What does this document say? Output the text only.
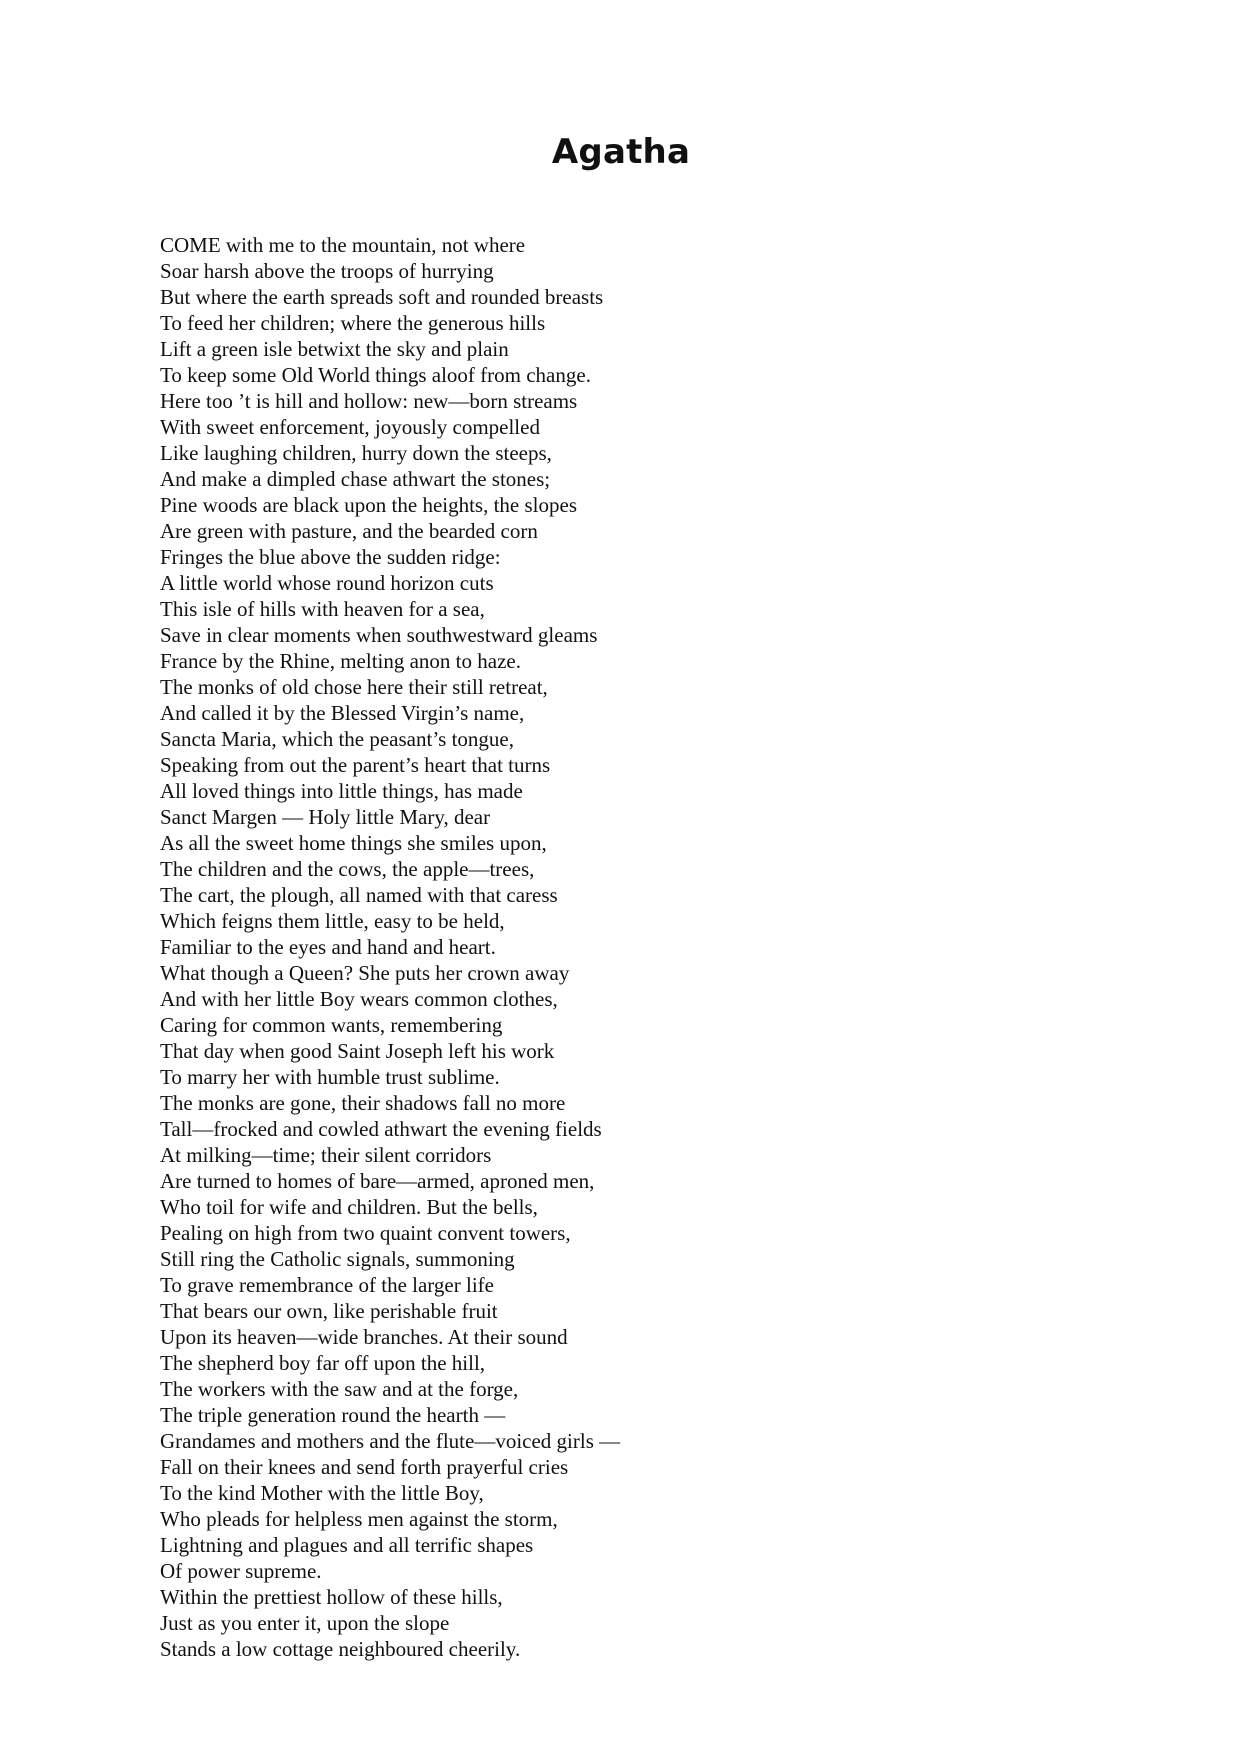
Agatha
COME with me to the mountain, not where
Soar harsh above the troops of hurrying
But where the earth spreads soft and rounded breasts
To feed her children; where the generous hills
Lift a green isle betwixt the sky and plain
To keep some Old World things aloof from change.
Here too ’t is hill and hollow: new—born streams
With sweet enforcement, joyously compelled
Like laughing children, hurry down the steeps,
And make a dimpled chase athwart the stones;
Pine woods are black upon the heights, the slopes
Are green with pasture, and the bearded corn
Fringes the blue above the sudden ridge:
A little world whose round horizon cuts
This isle of hills with heaven for a sea,
Save in clear moments when southwestward gleams
France by the Rhine, melting anon to haze.
The monks of old chose here their still retreat,
And called it by the Blessed Virgin’s name,
Sancta Maria, which the peasant’s tongue,
Speaking from out the parent’s heart that turns
All loved things into little things, has made
Sanct Margen — Holy little Mary, dear
As all the sweet home things she smiles upon,
The children and the cows, the apple—trees,
The cart, the plough, all named with that caress
Which feigns them little, easy to be held,
Familiar to the eyes and hand and heart.
What though a Queen? She puts her crown away
And with her little Boy wears common clothes,
Caring for common wants, remembering
That day when good Saint Joseph left his work
To marry her with humble trust sublime.
The monks are gone, their shadows fall no more
Tall—frocked and cowled athwart the evening fields
At milking—time; their silent corridors
Are turned to homes of bare—armed, aproned men,
Who toil for wife and children. But the bells,
Pealing on high from two quaint convent towers,
Still ring the Catholic signals, summoning
To grave remembrance of the larger life
That bears our own, like perishable fruit
Upon its heaven—wide branches. At their sound
The shepherd boy far off upon the hill,
The workers with the saw and at the forge,
The triple generation round the hearth —
Grandames and mothers and the flute—voiced girls —
Fall on their knees and send forth prayerful cries
To the kind Mother with the little Boy,
Who pleads for helpless men against the storm,
Lightning and plagues and all terrific shapes
Of power supreme.
Within the prettiest hollow of these hills,
Just as you enter it, upon the slope
Stands a low cottage neighboured cheerily.
